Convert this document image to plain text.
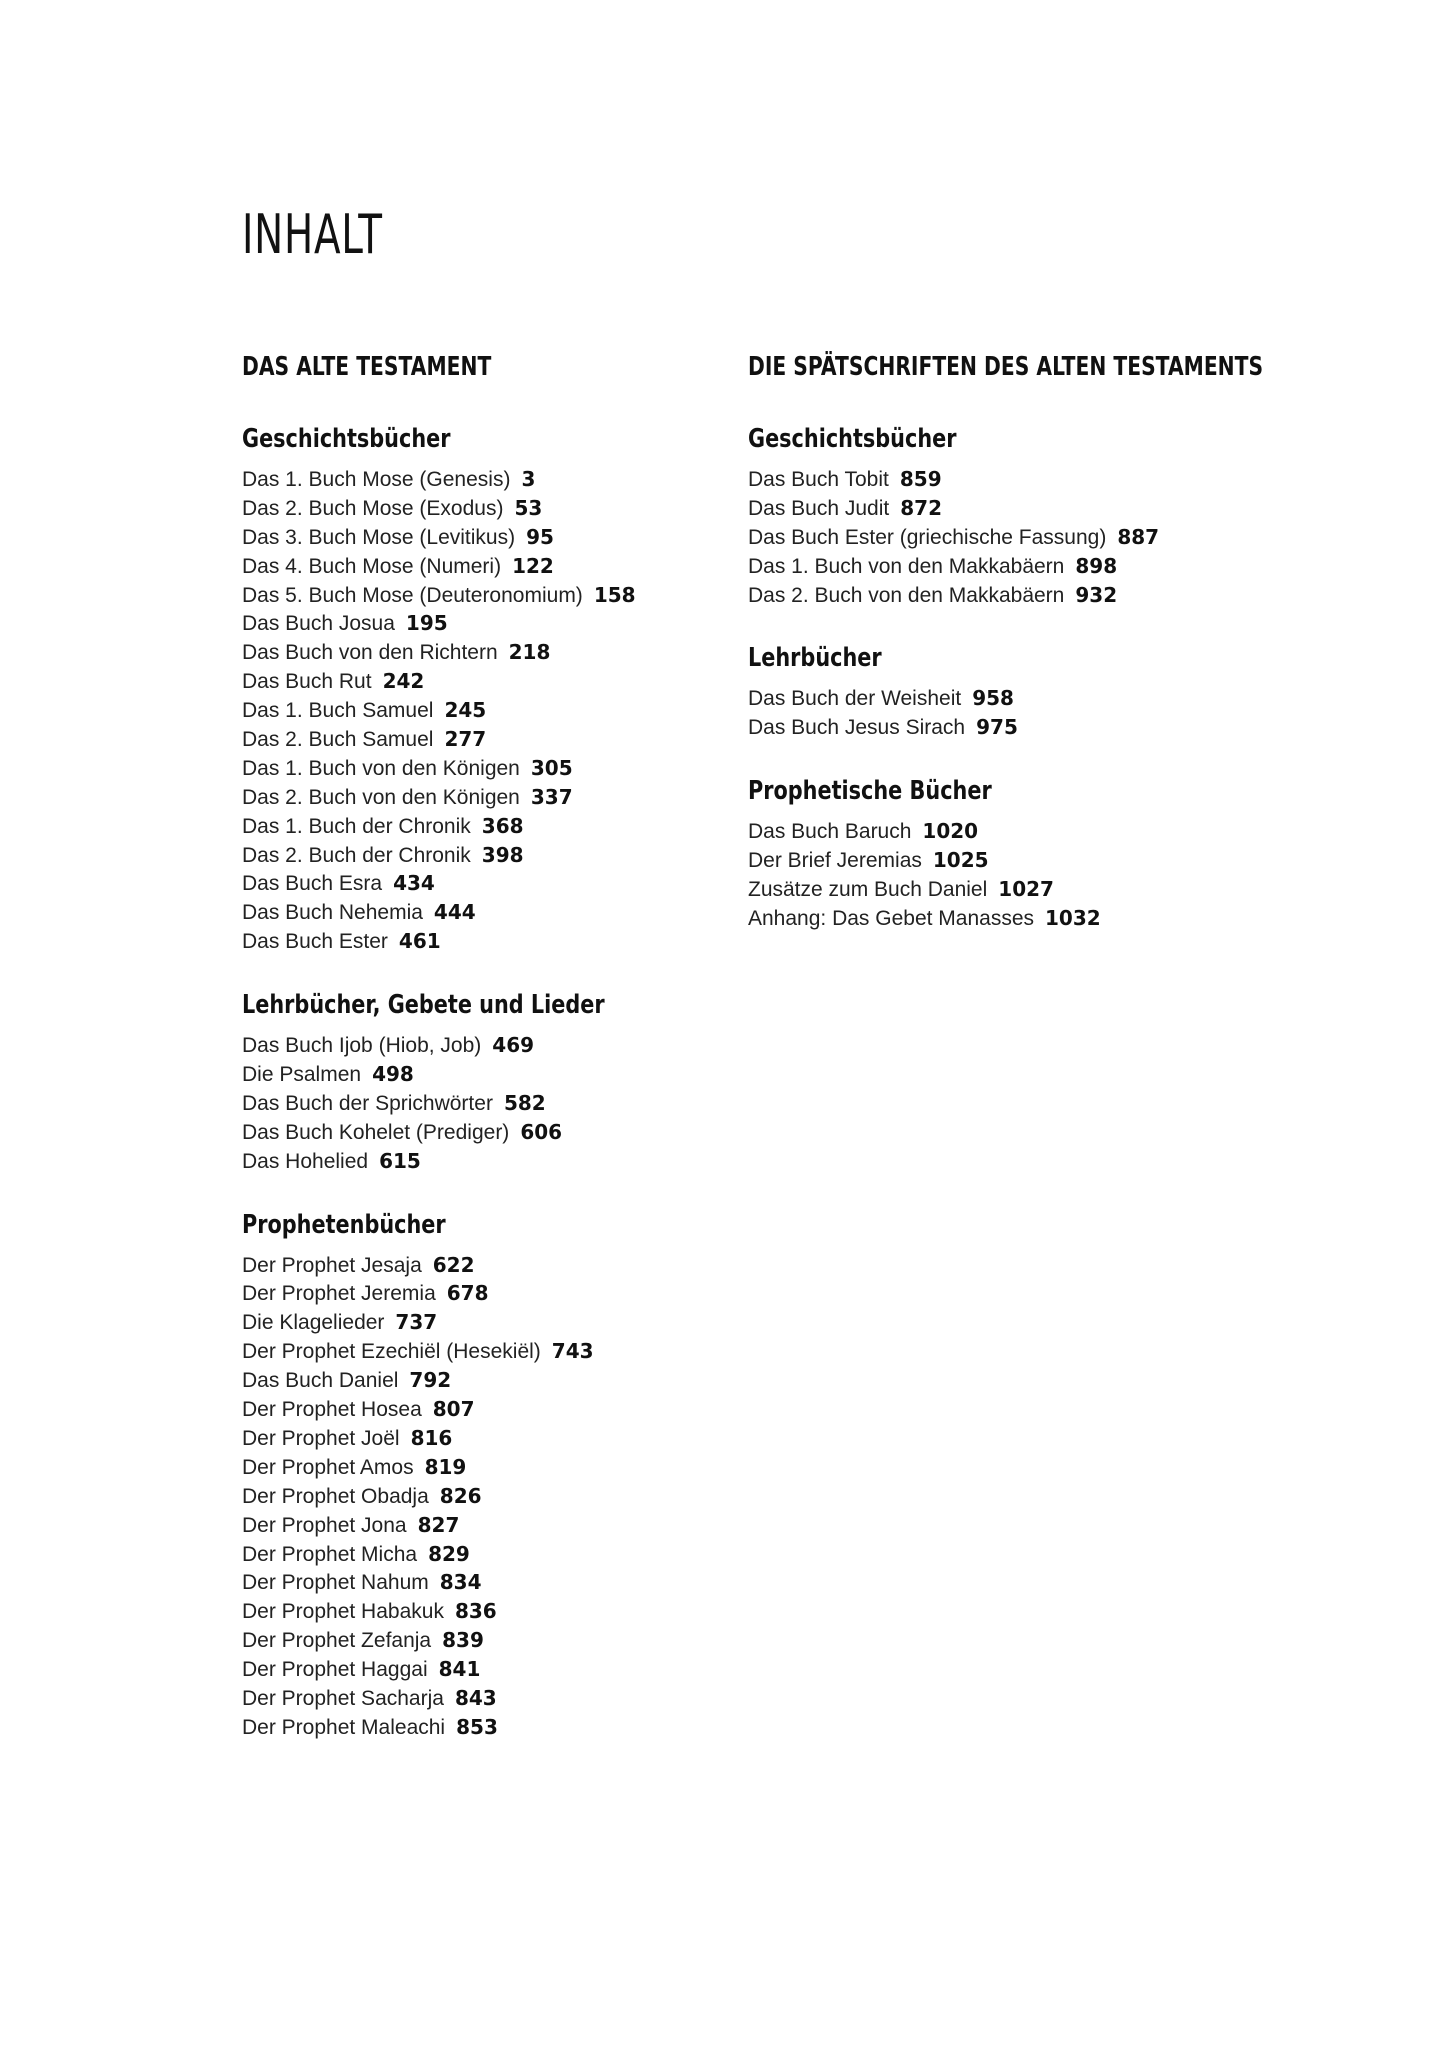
INHALT
DAS ALTE TESTAMENT
Geschichtsbücher
Das 1. Buch Mose (Genesis) 3
Das 2. Buch Mose (Exodus) 53
Das 3. Buch Mose (Levitikus) 95
Das 4. Buch Mose (Numeri) 122
Das 5. Buch Mose (Deuteronomium) 158
Das Buch Josua 195
Das Buch von den Richtern 218
Das Buch Rut 242
Das 1. Buch Samuel 245
Das 2. Buch Samuel 277
Das 1. Buch von den Königen 305
Das 2. Buch von den Königen 337
Das 1. Buch der Chronik 368
Das 2. Buch der Chronik 398
Das Buch Esra 434
Das Buch Nehemia 444
Das Buch Ester 461
Lehrbücher, Gebete und Lieder
Das Buch Ijob (Hiob, Job) 469
Die Psalmen 498
Das Buch der Sprichwörter 582
Das Buch Kohelet (Prediger) 606
Das Hohelied 615
Prophetenbücher
Der Prophet Jesaja 622
Der Prophet Jeremia 678
Die Klagelieder 737
Der Prophet Ezechiël (Hesekiël) 743
Das Buch Daniel 792
Der Prophet Hosea 807
Der Prophet Joël 816
Der Prophet Amos 819
Der Prophet Obadja 826
Der Prophet Jona 827
Der Prophet Micha 829
Der Prophet Nahum 834
Der Prophet Habakuk 836
Der Prophet Zefanja 839
Der Prophet Haggai 841
Der Prophet Sacharja 843
Der Prophet Maleachi 853
DIE SPÄTSCHRIFTEN DES ALTEN TESTAMENTS
Geschichtsbücher
Das Buch Tobit 859
Das Buch Judit 872
Das Buch Ester (griechische Fassung) 887
Das 1. Buch von den Makkabäern 898
Das 2. Buch von den Makkabäern 932
Lehrbücher
Das Buch der Weisheit 958
Das Buch Jesus Sirach 975
Prophetische Bücher
Das Buch Baruch 1020
Der Brief Jeremias 1025
Zusätze zum Buch Daniel 1027
Anhang: Das Gebet Manasses 1032
